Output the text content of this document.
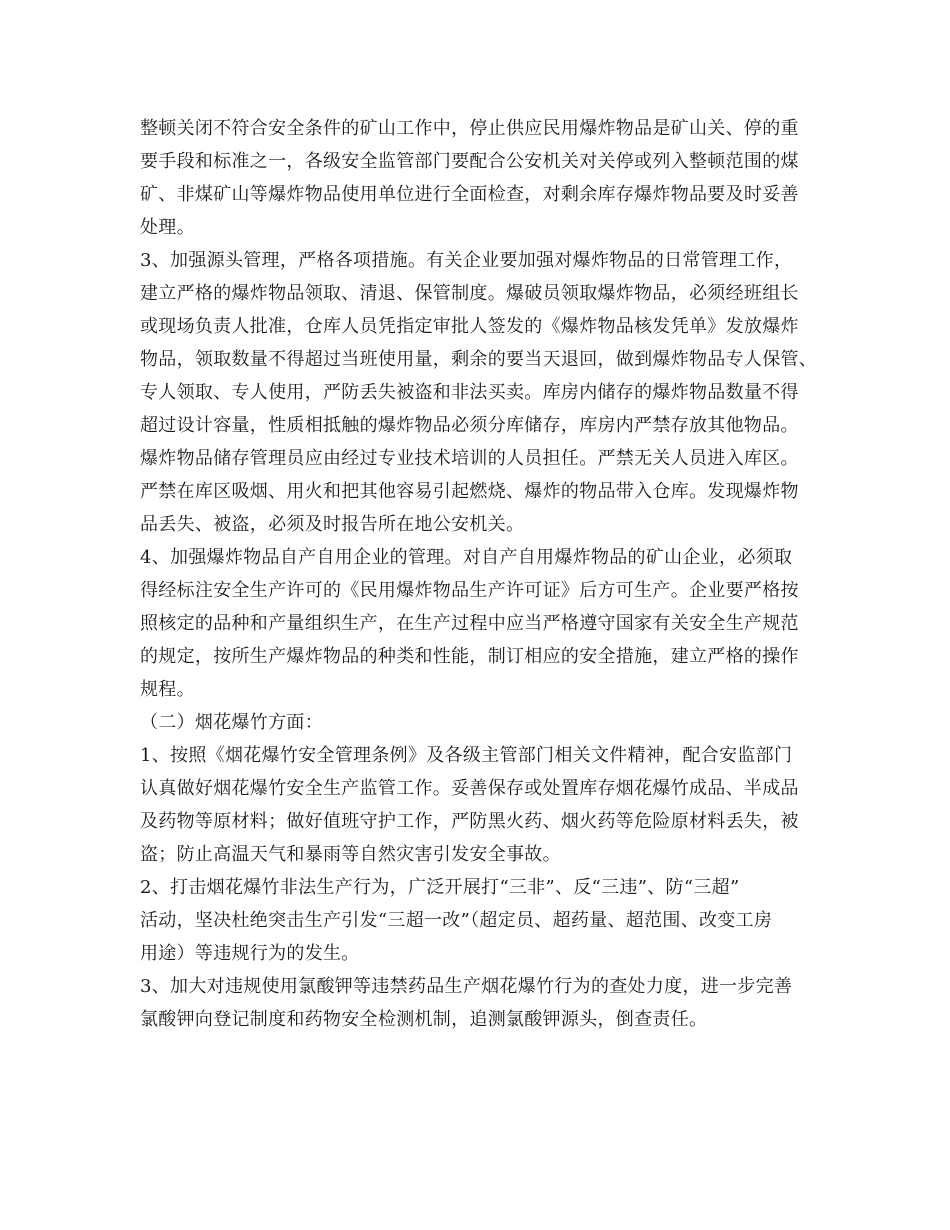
整顿关闭不符合安全条件的矿山工作中，停止供应民用爆炸物品是矿山关、停的重
要手段和标准之一，各级安全监管部门要配合公安机关对关停或列入整顿范围的煤
矿、非煤矿山等爆炸物品使用单位进行全面检查，对剩余库存爆炸物品要及时妥善
处理。
3、加强源头管理，严格各项措施。有关企业要加强对爆炸物品的日常管理工作，
建立严格的爆炸物品领取、清退、保管制度。爆破员领取爆炸物品，必须经班组长
或现场负责人批准，仓库人员凭指定审批人签发的《爆炸物品核发凭单》发放爆炸
物品，领取数量不得超过当班使用量，剩余的要当天退回，做到爆炸物品专人保管、
专人领取、专人使用，严防丢失被盗和非法买卖。库房内储存的爆炸物品数量不得
超过设计容量，性质相抵触的爆炸物品必须分库储存，库房内严禁存放其他物品。
爆炸物品储存管理员应由经过专业技术培训的人员担任。严禁无关人员进入库区。
严禁在库区吸烟、用火和把其他容易引起燃烧、爆炸的物品带入仓库。发现爆炸物
品丢失、被盗，必须及时报告所在地公安机关。
4、加强爆炸物品自产自用企业的管理。对自产自用爆炸物品的矿山企业，必须取
得经标注安全生产许可的《民用爆炸物品生产许可证》后方可生产。企业要严格按
照核定的品种和产量组织生产，在生产过程中应当严格遵守国家有关安全生产规范
的规定，按所生产爆炸物品的种类和性能，制订相应的安全措施，建立严格的操作
规程。
（二）烟花爆竹方面：
1、按照《烟花爆竹安全管理条例》及各级主管部门相关文件精神，配合安监部门
认真做好烟花爆竹安全生产监管工作。妥善保存或处置库存烟花爆竹成品、半成品
及药物等原材料；做好值班守护工作，严防黑火药、烟火药等危险原材料丢失，被
盗；防止高温天气和暴雨等自然灾害引发安全事故。
2、打击烟花爆竹非法生产行为，广泛开展打“三非”、反“三违”、防“三超”
活动，坚决杜绝突击生产引发“三超一改”（超定员、超药量、超范围、改变工房
用途）等违规行为的发生。
3、加大对违规使用氯酸钾等违禁药品生产烟花爆竹行为的查处力度，进一步完善
氯酸钾向登记制度和药物安全检测机制，追测氯酸钾源头，倒查责任。
